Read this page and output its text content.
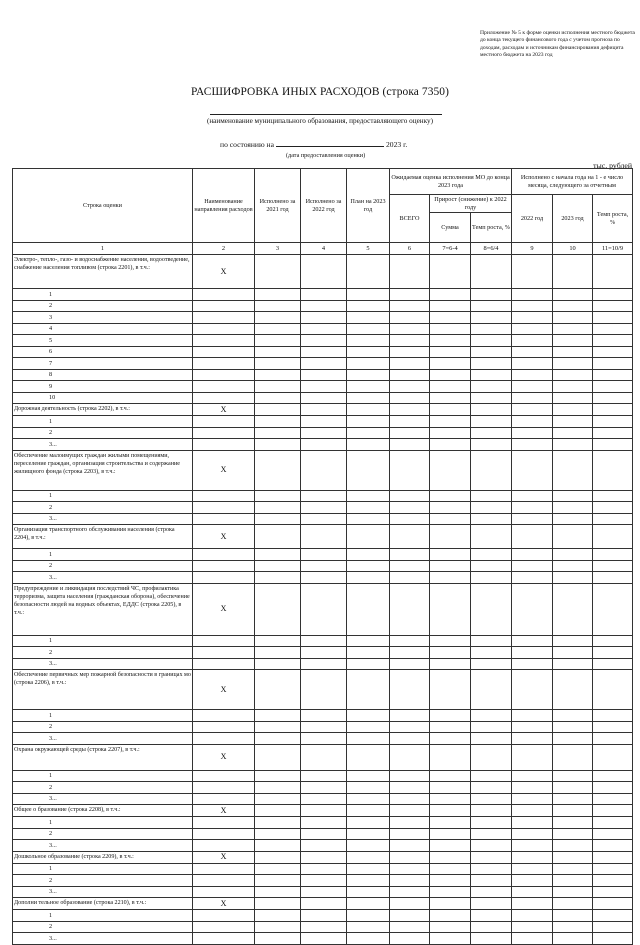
Приложение № 5 к форме оценки исполнения местного бюджета до конца текущего финансового года с учетом прогноза по доходам, расходам и источникам финансирования дефицита местного бюджета на 2023 год
РАСШИФРОВКА ИНЫХ РАСХОДОВ (строка 7350)
(наименование муниципального образования, предоставляющего оценку)
по состоянию на	2023 г.
(дата предоставления оценки)
тыс. рублей
Строка оценки	Наименование направления расходов	Исполнено за 2021 год	Исполнено за 2022 год	План на 2023 год	Ожидаемая оценка исполнения МО до конца 2023 года			Исполнено с начала года на 1 - е число месяца, следующего за отчетным		
					ВСЕГО	Прирост (снижение) к 2022 году		2022 год	2023 год	Темп роста, %
						Сумма	Темп роста, %			
1	2	3	4	5	6	7=6-4	8=6/4	9	10	11=10/9
Электро-, тепло-, газо- и водоснабжение населения, водоотведение, снабжение населения топливом (строка 2201), в т.ч.:	Х									
1										
2										
3										
4										
5										
6										
7										
8										
9										
10										
Дорожная деятельность (строка 2202), в т.ч.:	Х									
1										
2										
3...										
Обеспечение малоимущих граждан жилыми помещениями, переселение граждан, организация строительства и содержание жилищного фонда (строка 2203), в т.ч.:	Х									
1										
2										
3...										
Организация транспортного обслуживания населения (строка 2204), в т.ч.:	Х									
1										
2										
3...										
Предупреждение и ликвидация последствий ЧС, профилактика терроризма, защита населения (гражданская оборона), обеспечение безопасности людей на водных объектах, ЕДДС (строка 2205), в т.ч.:	Х									
1										
2										
3...										
Обеспечение первичных мер пожарной безопасности в границах мо (строка 2206), в т.ч.:	Х									
1										
2										
3...										
Охрана окружающей среды (строка 2207), в т.ч.:	Х									
1										
2										
3...										
Общее о бразование (строка 2208), в т.ч.:	Х									
1										
2										
3...										
Дошкольное образование (строка 2209), в т.ч.:	Х									
1										
2										
3...										
Дополни тельное образование (строка 2210), в т.ч.:	Х									
1										
2										
3...										
